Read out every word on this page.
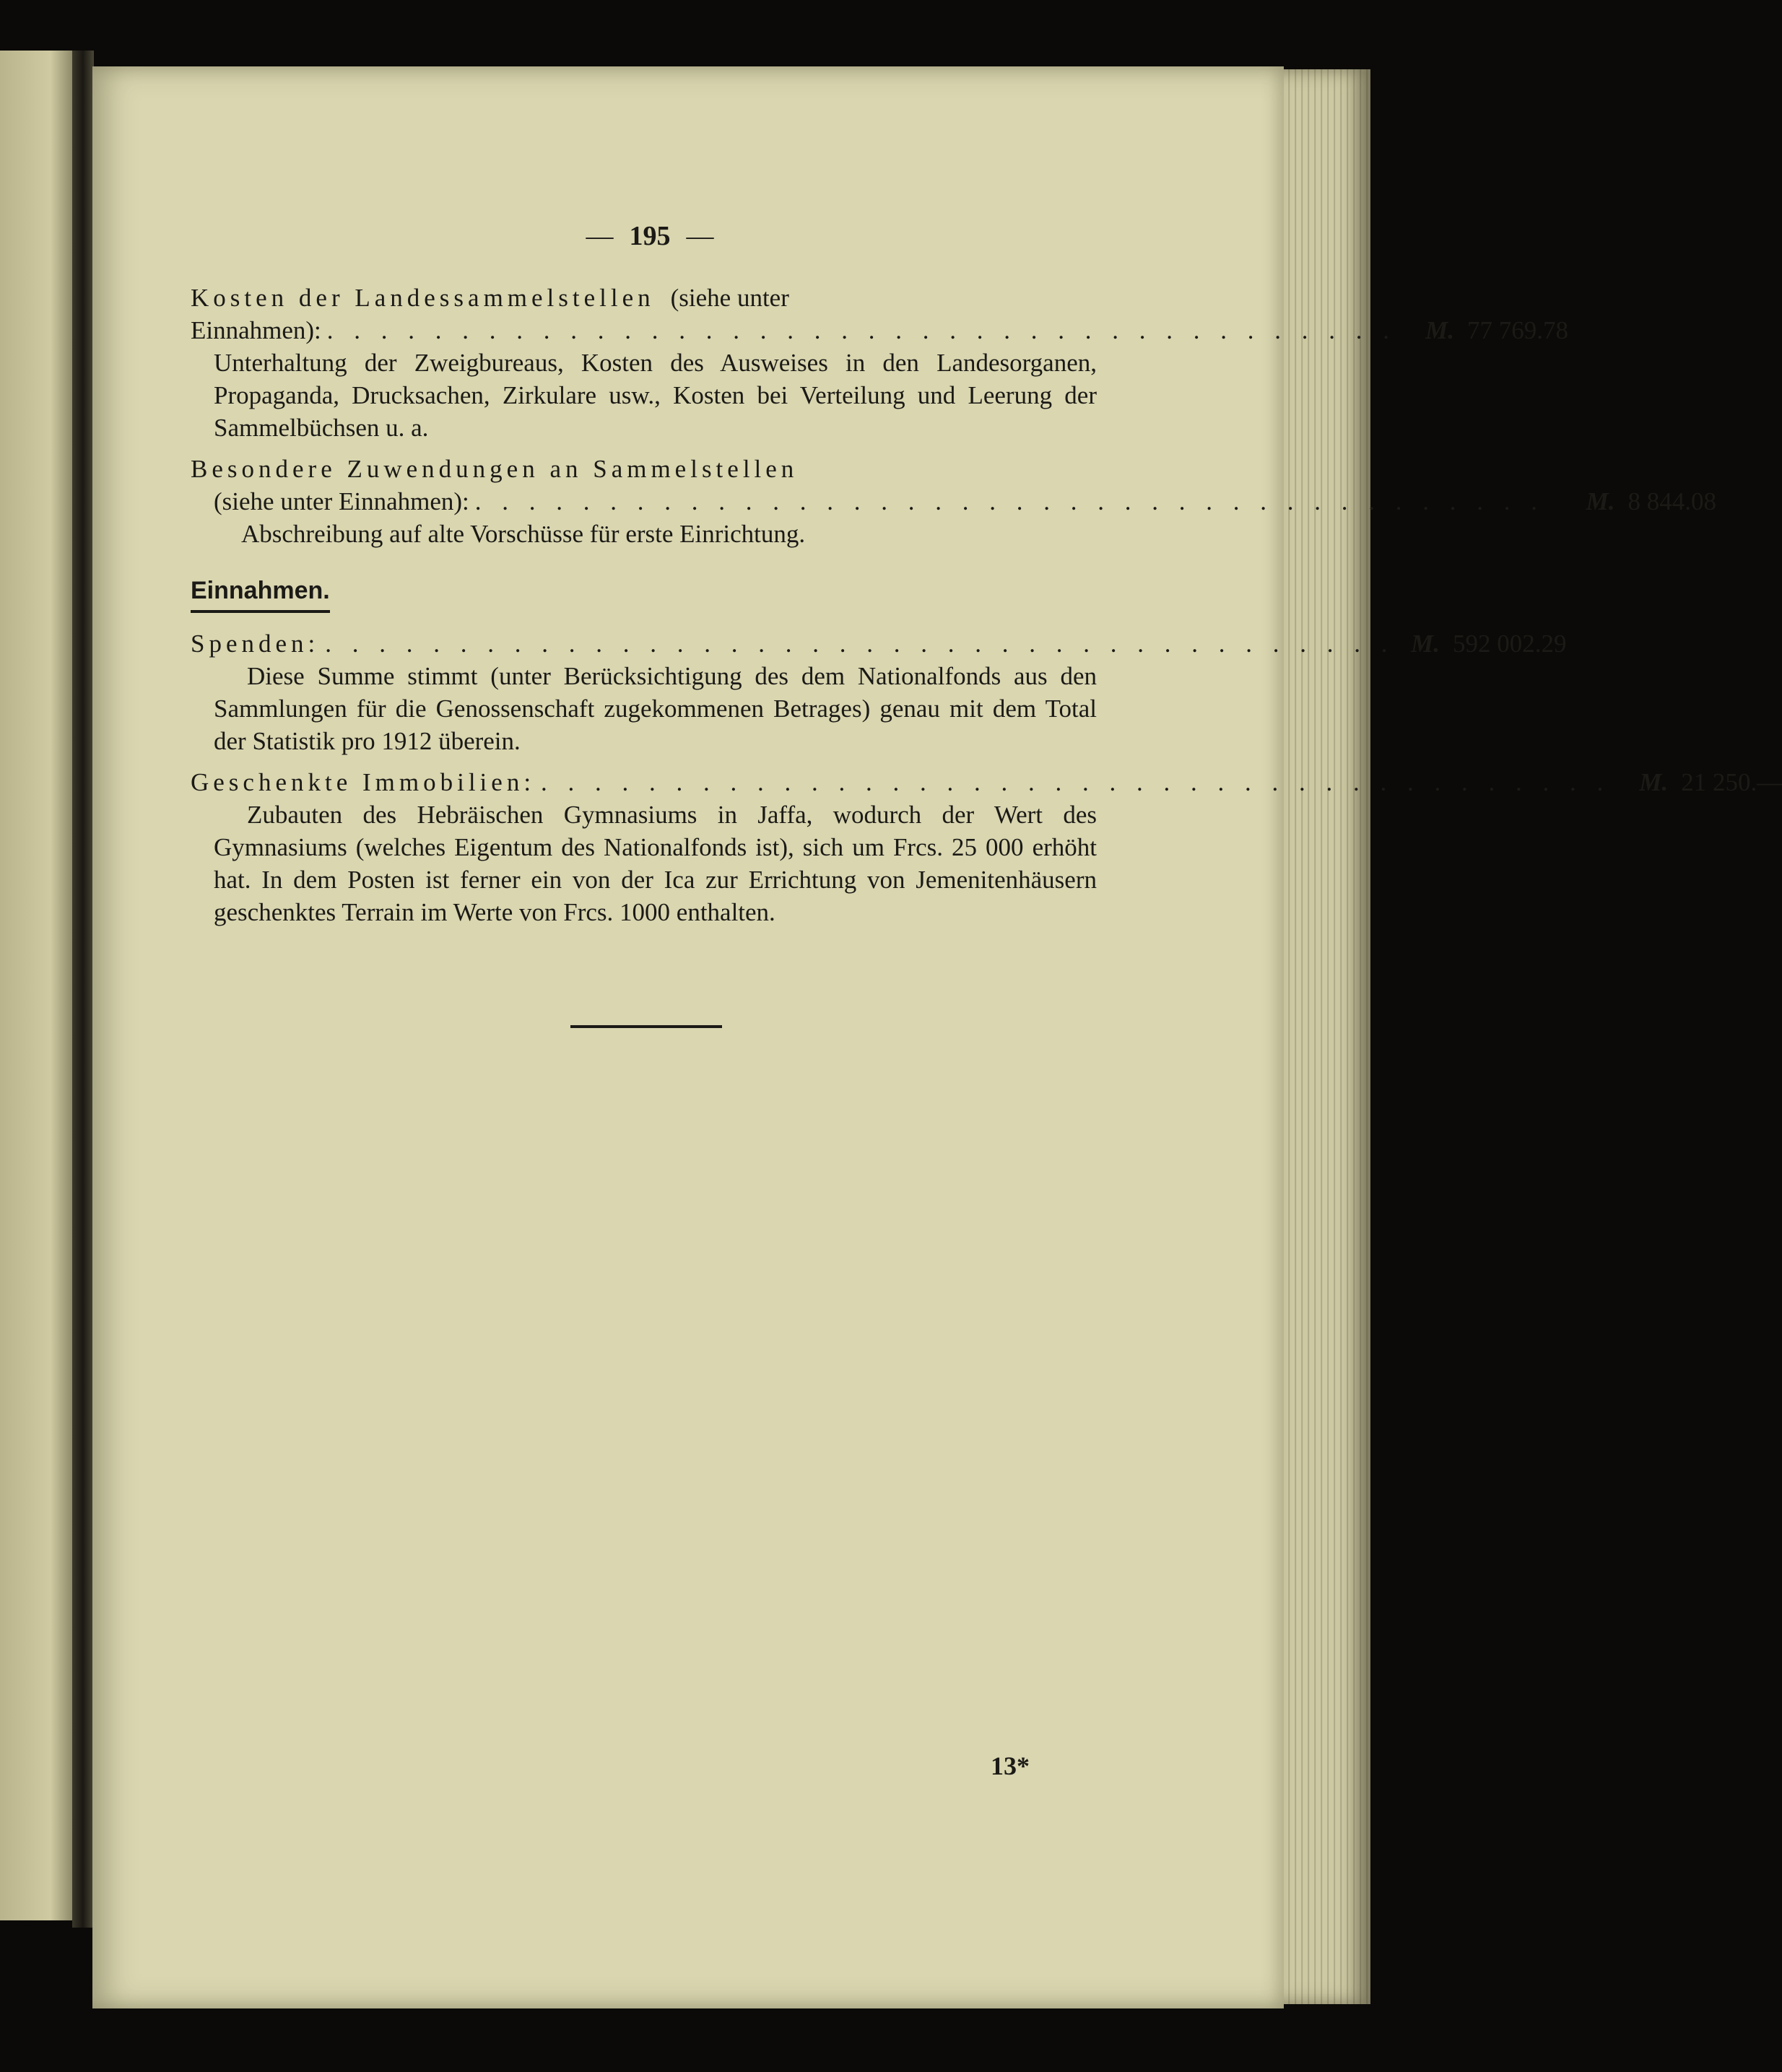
— 195 —
Kosten der Landessammelstellen (siehe unter
Einnahmen): . . . . . . . . . . . . . . . . . . . . . . . . . . . . . . . . . . . . . . . .	M. 77 769.78

Unterhaltung der Zweigbureaus, Kosten des Ausweises in den Landesorganen, Propaganda, Drucksachen, Zirkulare usw., Kosten bei Verteilung und Leerung der Sammelbüchsen u. a.

Besondere Zuwendungen an Sammelstellen
(siehe unter Einnahmen): . . . . . . . . . . . . . . . . . . . . . . . . . . . . . . . . . . . . . . . .	M. 8 844.08

Abschreibung auf alte Vorschüsse für erste Einrichtung.

Einnahmen.
Spenden: . . . . . . . . . . . . . . . . . . . . . . . . . . . . . . . . . . . . . . . . M. 592 002.29

Diese Summe stimmt (unter Berücksichtigung des dem Nationalfonds aus den Sammlungen für die Genossenschaft zugekommenen Betrages) genau mit dem Total der Statistik pro 1912 überein.

Geschenkte Immobilien: . . . . . . . . . . . . . . . . . . . . . . . . . . . . . . . . . . . . . . . .	M. 21 250.—

Zubauten des Hebräischen Gymnasiums in Jaffa, wodurch der Wert des Gymnasiums (welches Eigentum des Nationalfonds ist), sich um Frcs. 25 000 erhöht hat. In dem Posten ist ferner ein von der Ica zur Errichtung von Jemenitenhäusern geschenktes Terrain im Werte von Frcs. 1000 enthalten.

13*
